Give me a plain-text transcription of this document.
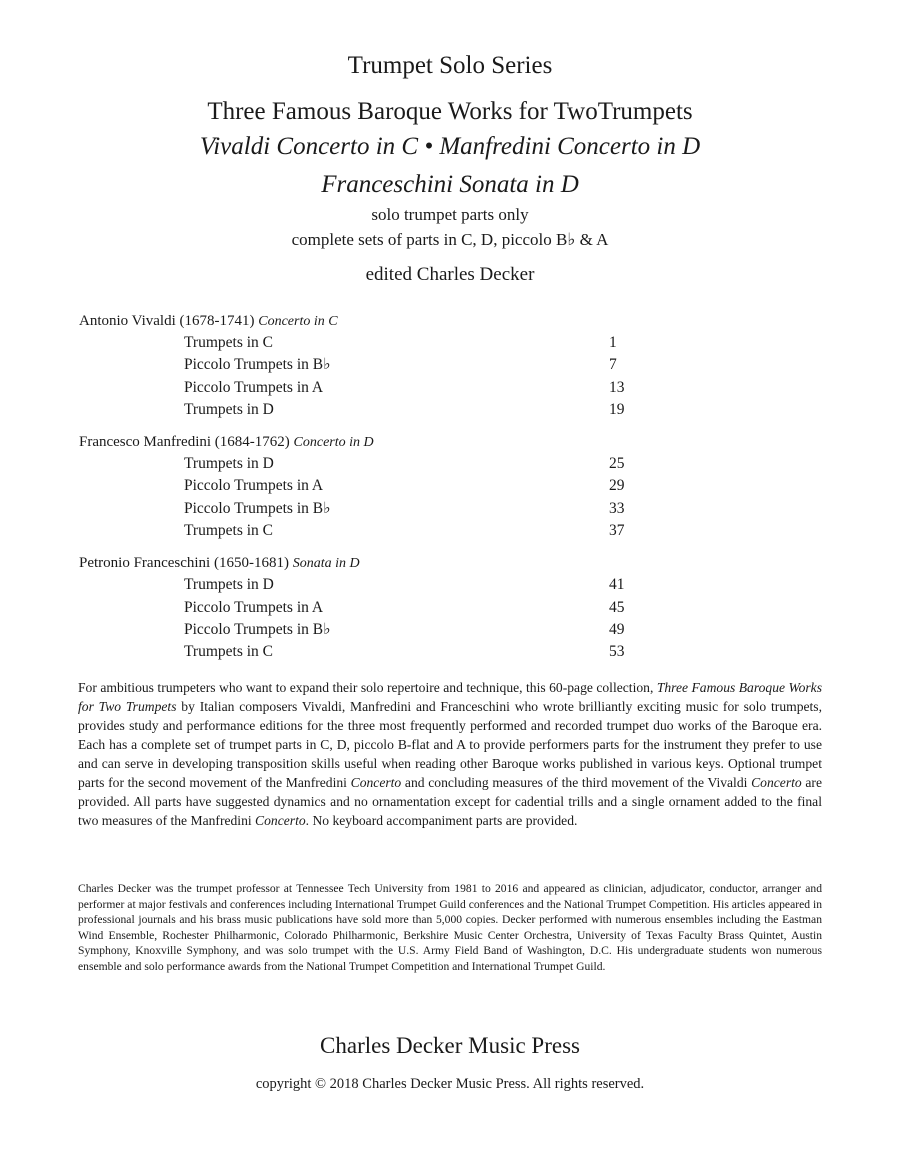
Trumpet Solo Series
Three Famous Baroque Works for TwoTrumpets
Vivaldi Concerto in C • Manfredini Concerto in D
Franceschini Sonata in D
solo trumpet parts only
complete sets of parts in C, D, piccolo B♭ & A
edited Charles Decker
Antonio Vivaldi (1678-1741) Concerto in C
Trumpets in C	1
Piccolo Trumpets in B♭	7
Piccolo Trumpets in A	13
Trumpets in D	19
Francesco Manfredini (1684-1762) Concerto in D
Trumpets in D	25
Piccolo Trumpets in A	29
Piccolo Trumpets in B♭	33
Trumpets in C	37
Petronio Franceschini (1650-1681) Sonata in D
Trumpets in D	41
Piccolo Trumpets in A	45
Piccolo Trumpets in B♭	49
Trumpets in C	53
For ambitious trumpeters who want to expand their solo repertoire and technique, this 60-page collection, Three Famous Baroque Works for Two Trumpets by Italian composers Vivaldi, Manfredini and Franceschini who wrote brilliantly exciting music for solo trumpets, provides study and performance editions for the three most frequently performed and recorded trumpet duo works of the Baroque era. Each has a complete set of trumpet parts in C, D, piccolo B-flat and A to provide performers parts for the instrument they prefer to use and can serve in developing transposition skills useful when reading other Baroque works published in various keys. Optional trumpet parts for the second movement of the Manfredini Concerto and concluding measures of the third movement of the Vivaldi Concerto are provided. All parts have suggested dynamics and no ornamentation except for cadential trills and a single ornament added to the final two measures of the Manfredini Concerto. No keyboard accompaniment parts are provided.
Charles Decker was the trumpet professor at Tennessee Tech University from 1981 to 2016 and appeared as clinician, adjudicator, conductor, arranger and performer at major festivals and conferences including International Trumpet Guild conferences and the National Trumpet Competition. His articles appeared in professional journals and his brass music publications have sold more than 5,000 copies. Decker performed with numerous ensembles including the Eastman Wind Ensemble, Rochester Philharmonic, Colorado Philharmonic, Berkshire Music Center Orchestra, University of Texas Faculty Brass Quintet, Austin Symphony, Knoxville Symphony, and was solo trumpet with the U.S. Army Field Band of Washington, D.C. His undergraduate students won numerous ensemble and solo performance awards from the National Trumpet Competition and International Trumpet Guild.
Charles Decker Music Press
copyright © 2018 Charles Decker Music Press. All rights reserved.
